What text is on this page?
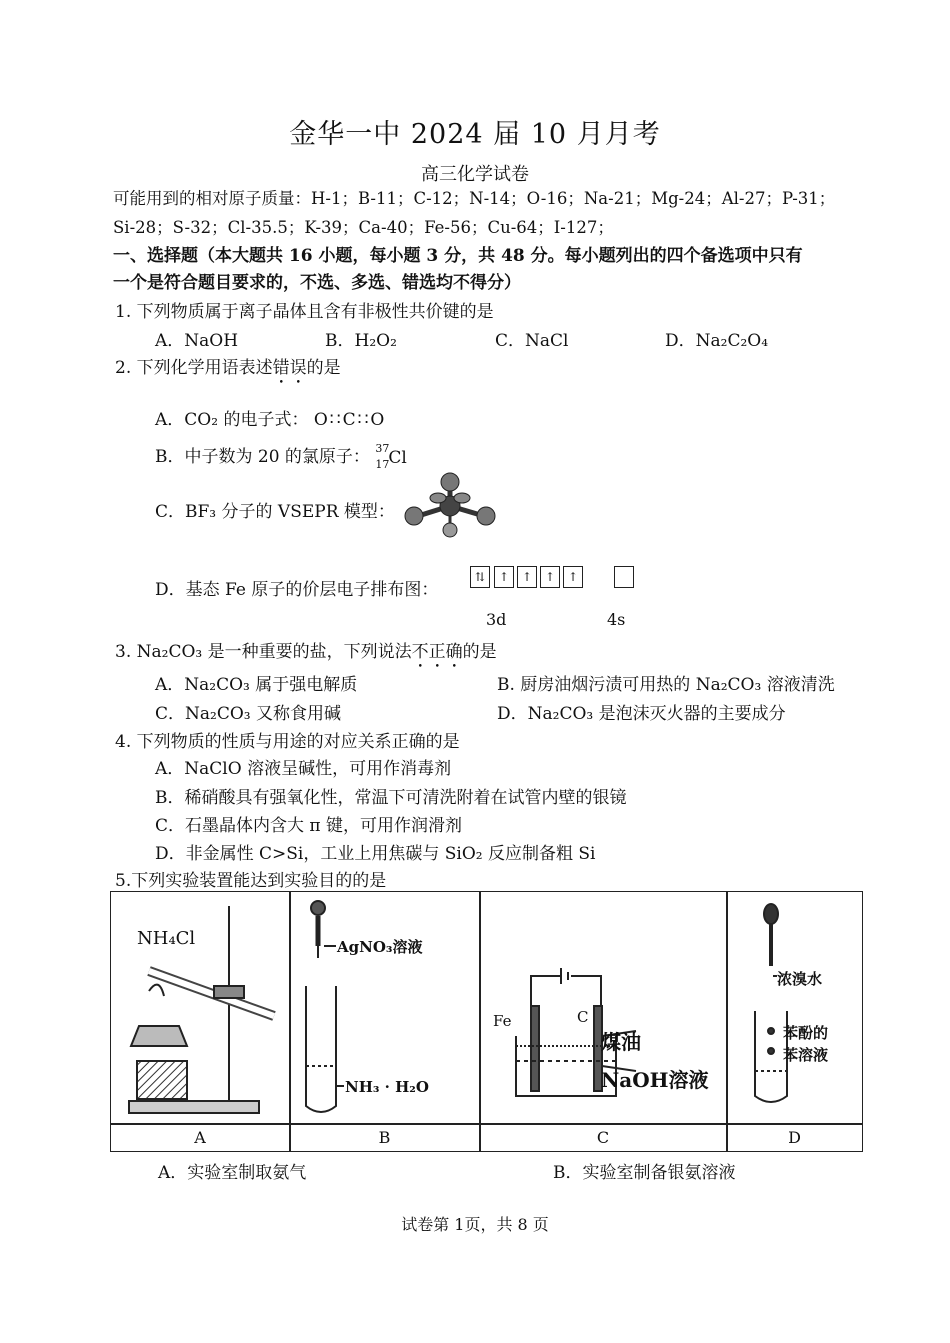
金华一中 2024 届 10 月月考
高三化学试卷
可能用到的相对原子质量：H-1；B-11；C-12；N-14；O-16；Na-21；Mg-24；Al-27；P-31；
Si-28；S-32；Cl-35.5；K-39；Ca-40；Fe-56；Cu-64；I-127；
一、选择题（本大题共 16 小题，每小题 3 分，共 48 分。每小题列出的四个备选项中只有
一个是符合题目要求的，不选、多选、错选均不得分）
1. 下列物质属于离子晶体且含有非极性共价键的是
A．NaOH	B．H₂O₂	C．NaCl	D．Na₂C₂O₄
2. 下列化学用语表述错误的是
A．CO₂ 的电子式： O∷C∷O
B．中子数为 20 的氯原子： 37
17 Cl
C．BF₃ 分子的 VSEPR 模型：
D．基态 Fe 原子的价层电子排布图：
⇅	↑	↑	↑	↑
3d	4s
3. Na₂CO₃ 是一种重要的盐，下列说法不正确的是
A．Na₂CO₃ 属于强电解质	B. 厨房油烟污渍可用热的 Na₂CO₃ 溶液清洗
C．Na₂CO₃ 又称食用碱	D．Na₂CO₃ 是泡沫灭火器的主要成分
4. 下列物质的性质与用途的对应关系正确的是
A．NaClO 溶液呈碱性，可用作消毒剂
B．稀硝酸具有强氧化性，常温下可清洗附着在试管内壁的银镜
C．石墨晶体内含大 π 键，可用作润滑剂
D．非金属性 C>Si，工业上用焦碳与 SiO₂ 反应制备粗 Si
5.下列实验装置能达到实验目的的是
NH₄Cl	AgNO₃溶液
NH₃ · H₂O
Fe	C
煤油
NaOH溶液
浓溴水
苯酚的
苯溶液
A	B	C	D
A．实验室制取氨气	B．实验室制备银氨溶液
试卷第 1页，共 8 页
